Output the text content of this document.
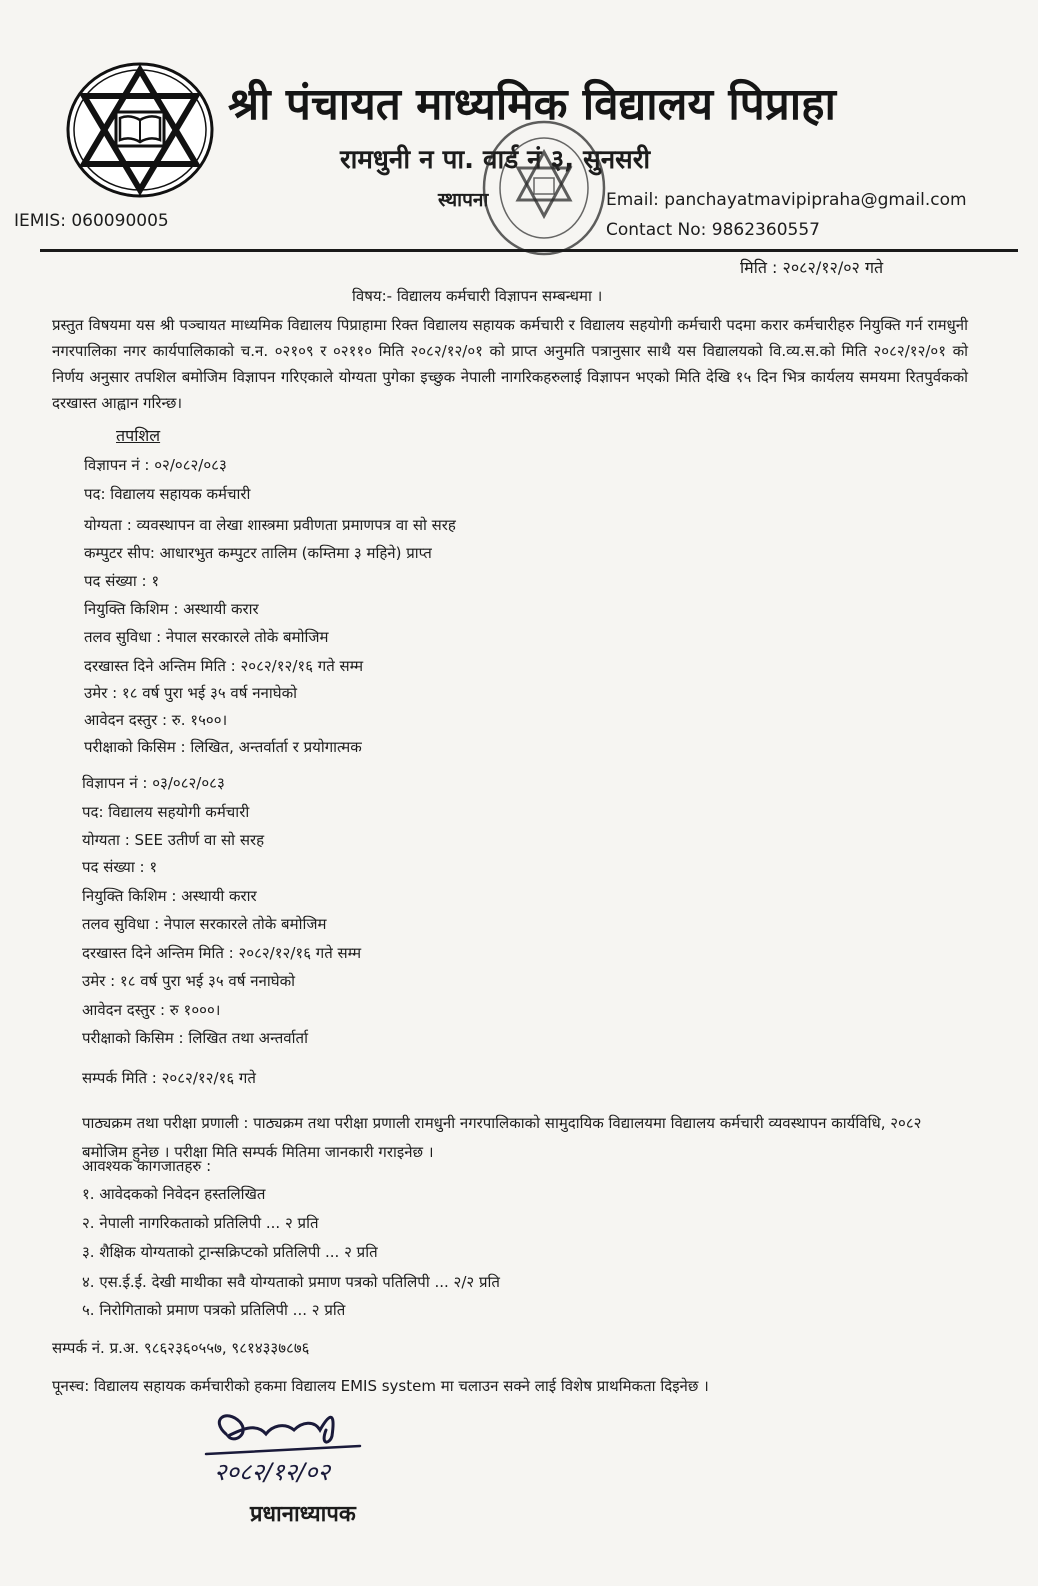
श्री पंचायत माध्यमिक विद्यालय पिप्राहा
रामधुनी न पा. वार्ड नं ३, सुनसरी
स्थापना	Email: panchayatmavipipraha@gmail.com
Contact No: 9862360557
IEMIS: 060090005
मिति : २०८२/१२/०२ गते
विषय:- विद्यालय कर्मचारी विज्ञापन सम्बन्धमा ।
प्रस्तुत विषयमा यस श्री पञ्चायत माध्यमिक विद्यालय पिप्राहामा रिक्त विद्यालय सहायक कर्मचारी र विद्यालय सहयोगी कर्मचारी पदमा करार कर्मचारीहरु नियुक्ति गर्न रामधुनी नगरपालिका नगर कार्यपालिकाको च.न. ०२१०९ र ०२११० मिति २०८२/१२/०१ को प्राप्त अनुमति पत्रानुसार साथै यस विद्यालयको वि.व्य.स.को मिति २०८२/१२/०१ को निर्णय अनुसार तपशिल बमोजिम विज्ञापन गरिएकाले योग्यता पुगेका इच्छुक नेपाली नागरिकहरुलाई विज्ञापन भएको मिति देखि १५ दिन भित्र कार्यलय समयमा रितपुर्वकको दरखास्त आह्वान गरिन्छ।
तपशिल
विज्ञापन नं : ०२/०८२/०८३
पद: विद्यालय सहायक कर्मचारी
योग्यता : व्यवस्थापन वा लेखा शास्त्रमा प्रवीणता प्रमाणपत्र वा सो सरह
कम्पुटर सीप: आधारभुत कम्पुटर तालिम (कम्तिमा ३ महिने) प्राप्त
पद संख्या : १
नियुक्ति किशिम : अस्थायी करार
तलव सुविधा : नेपाल सरकारले तोके बमोजिम
दरखास्त दिने अन्तिम मिति : २०८२/१२/१६ गते सम्म
उमेर : १८ वर्ष पुरा भई ३५ वर्ष ननाघेको
आवेदन दस्तुर : रु. १५००।
परीक्षाको किसिम : लिखित, अन्तर्वार्ता र प्रयोगात्मक
विज्ञापन नं : ०३/०८२/०८३
पद: विद्यालय सहयोगी कर्मचारी
योग्यता : SEE उतीर्ण वा सो सरह
पद संख्या : १
नियुक्ति किशिम : अस्थायी करार
तलव सुविधा : नेपाल सरकारले तोके बमोजिम
दरखास्त दिने अन्तिम मिति : २०८२/१२/१६ गते सम्म
उमेर : १८ वर्ष पुरा भई ३५ वर्ष ननाघेको
आवेदन दस्तुर : रु १०००।
परीक्षाको किसिम : लिखित तथा अन्तर्वार्ता
सम्पर्क मिति : २०८२/१२/१६ गते
पाठ्यक्रम तथा परीक्षा प्रणाली : पाठ्यक्रम तथा परीक्षा प्रणाली रामधुनी नगरपालिकाको सामुदायिक विद्यालयमा विद्यालय कर्मचारी व्यवस्थापन कार्यविधि, २०८२ बमोजिम हुनेछ । परीक्षा मिति सम्पर्क मितिमा जानकारी गराइनेछ ।
आवश्यक कागजातहरु :
१. आवेदकको निवेदन हस्तलिखित
२. नेपाली नागरिकताको प्रतिलिपी ... २ प्रति
३. शैक्षिक योग्यताको ट्रान्सक्रिप्टको प्रतिलिपी ... २ प्रति
४. एस.ई.ई. देखी माथीका सवै योग्यताको प्रमाण पत्रको पतिलिपी ... २/२ प्रति
५. निरोगिताको प्रमाण पत्रको प्रतिलिपी ... २ प्रति
सम्पर्क नं. प्र.अ. ९८६२३६०५५७, ९८१४३३७८७६
पूनस्च: विद्यालय सहायक कर्मचारीको हकमा विद्यालय EMIS system मा चलाउन सक्ने लाई विशेष प्राथमिकता दिइनेछ ।
२०८२/१२/०२
प्रधानाध्यापक
